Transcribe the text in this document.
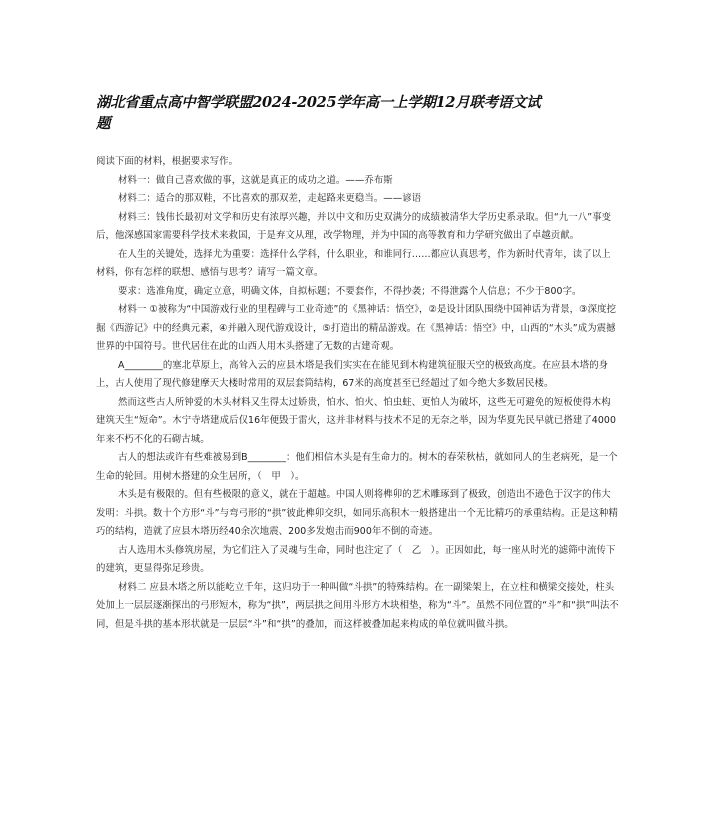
湖北省重点高中智学联盟2024-2025学年高一上学期12月联考语文试题

阅读下面的材料，根据要求写作。

材料一：做自己喜欢做的事，这就是真正的成功之道。——乔布斯

材料二：适合的那双鞋，不比喜欢的那双差，走起路来更稳当。——谚语

材料三：钱伟长最初对文学和历史有浓厚兴趣，并以中文和历史双满分的成绩被清华大学历史系录取。但“九一八”事变后，他深感国家需要科学技术来救国，于是弃文从理，改学物理，并为中国的高等教育和力学研究做出了卓越贡献。

在人生的关键处，选择尤为重要：选择什么学科，什么职业，和谁同行……都应认真思考，作为新时代青年，读了以上材料，你有怎样的联想、感悟与思考？请写一篇文章。

要求：选准角度，确定立意，明确文体，自拟标题；不要套作，不得抄袭；不得泄露个人信息；不少于800字。

材料一 ①被称为“中国游戏行业的里程碑与工业奇迹”的《黑神话：悟空》，②是设计团队围绕中国神话为背景，③深度挖掘《西游记》中的经典元素，④并融入现代游戏设计，⑤打造出的精品游戏。在《黑神话：悟空》中，山西的“木头”成为震撼世界的中国符号。世代居住在此的山西人用木头搭建了无数的古建奇观。

A________的塞北草原上，高耸入云的应县木塔是我们实实在在能见到木构建筑征服天空的极致高度。在应县木塔的身上，古人使用了现代修建摩天大楼时常用的双层套筒结构，67米的高度甚至已经超过了如今绝大多数居民楼。

然而这些古人所钟爱的木头材料又生得太过娇贵，怕水、怕火、怕虫蛀、更怕人为破坏，这些无可避免的短板使得木构建筑天生“短命”。木宁寺塔建成后仅16年便毁于雷火，这并非材料与技术不足的无奈之举，因为华夏先民早就已搭建了4000年来不朽不化的石砌古城。

古人的想法或许有些难被易到B________：他们相信木头是有生命力的。树木的春荣秋枯，就如同人的生老病死，是一个生命的轮回。用树木搭建的众生居所，（　甲　）。

木头是有极限的。但有些极限的意义，就在于超越。中国人则将榫卯的艺术雕琢到了极致，创造出不逊色于汉字的伟大发明：斗拱。数十个方形“斗”与弯弓形的“拱”彼此榫卯交织，如同乐高积木一般搭建出一个无比精巧的承重结构。正是这种精巧的结构，造就了应县木塔历经40余次地震、200多发炮击而900年不倒的奇迹。

古人选用木头修筑房屋，为它们注入了灵魂与生命，同时也注定了（　乙　）。正因如此，每一座从时光的滤筛中流传下的建筑，更显得弥足珍贵。

材料二 应县木塔之所以能屹立千年，这归功于一种叫做“斗拱”的特殊结构。在一副梁架上，在立柱和横梁交接处，柱头处加上一层层逐渐探出的弓形短木，称为“拱”，两层拱之间用斗形方木块相垫，称为“斗”。虽然不同位置的“斗”和“拱”叫法不同，但是斗拱的基本形状就是一层层“斗”和“拱”的叠加，而这样被叠加起来构成的单位就叫做斗拱。
